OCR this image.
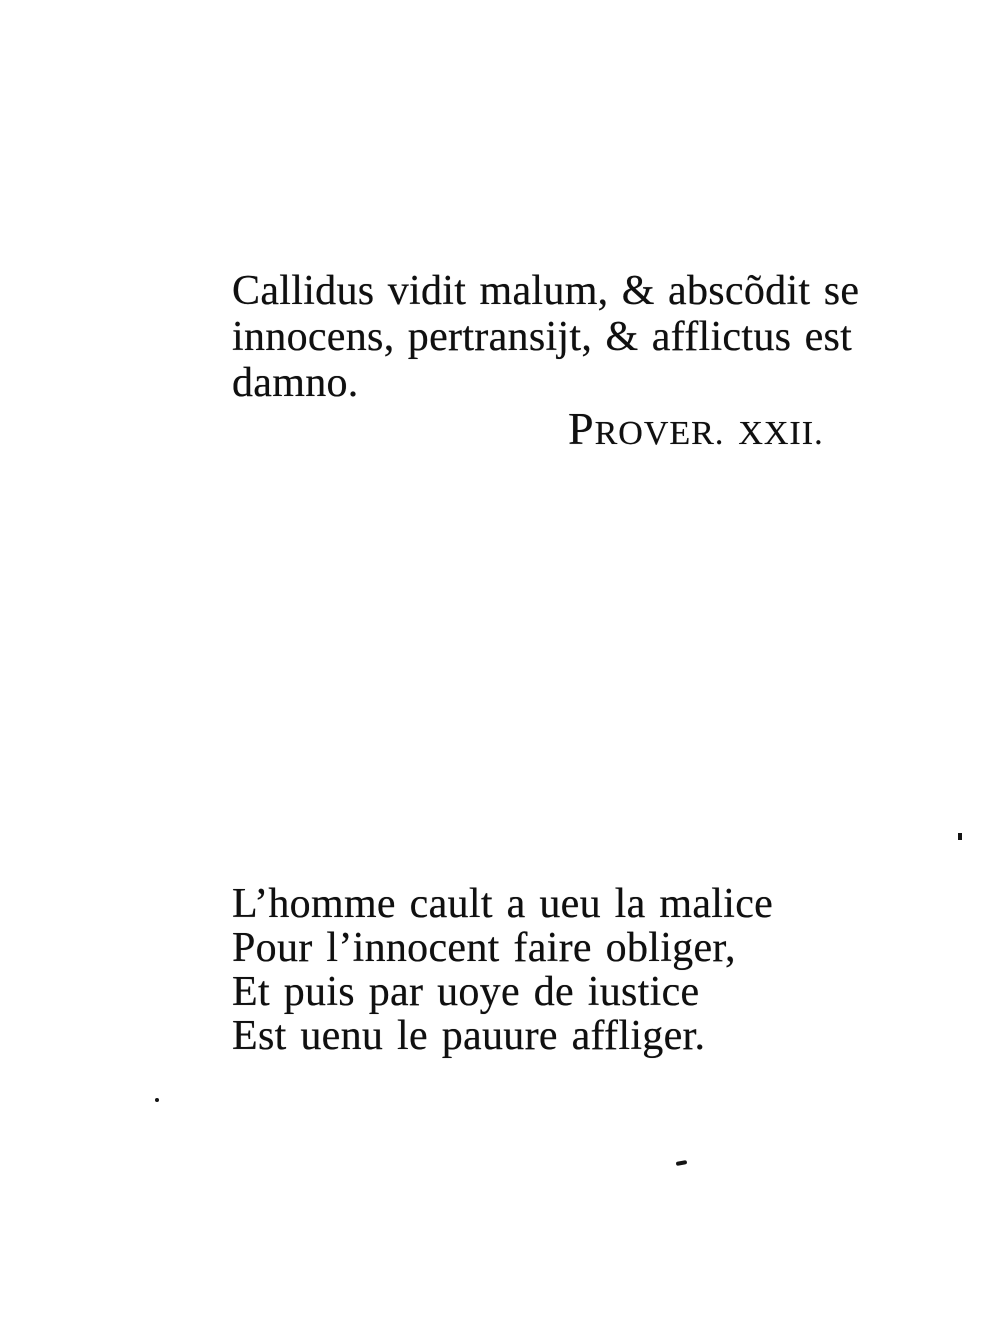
Callidus vidit malum, & abscõdit se
innocens, pertransijt, & afflictus est
damno.
PROVER. XXII.
L’homme cault a ueu la malice
Pour l’innocent faire obliger,
Et puis par uoye de iustice
Est uenu le pauure affliger.
